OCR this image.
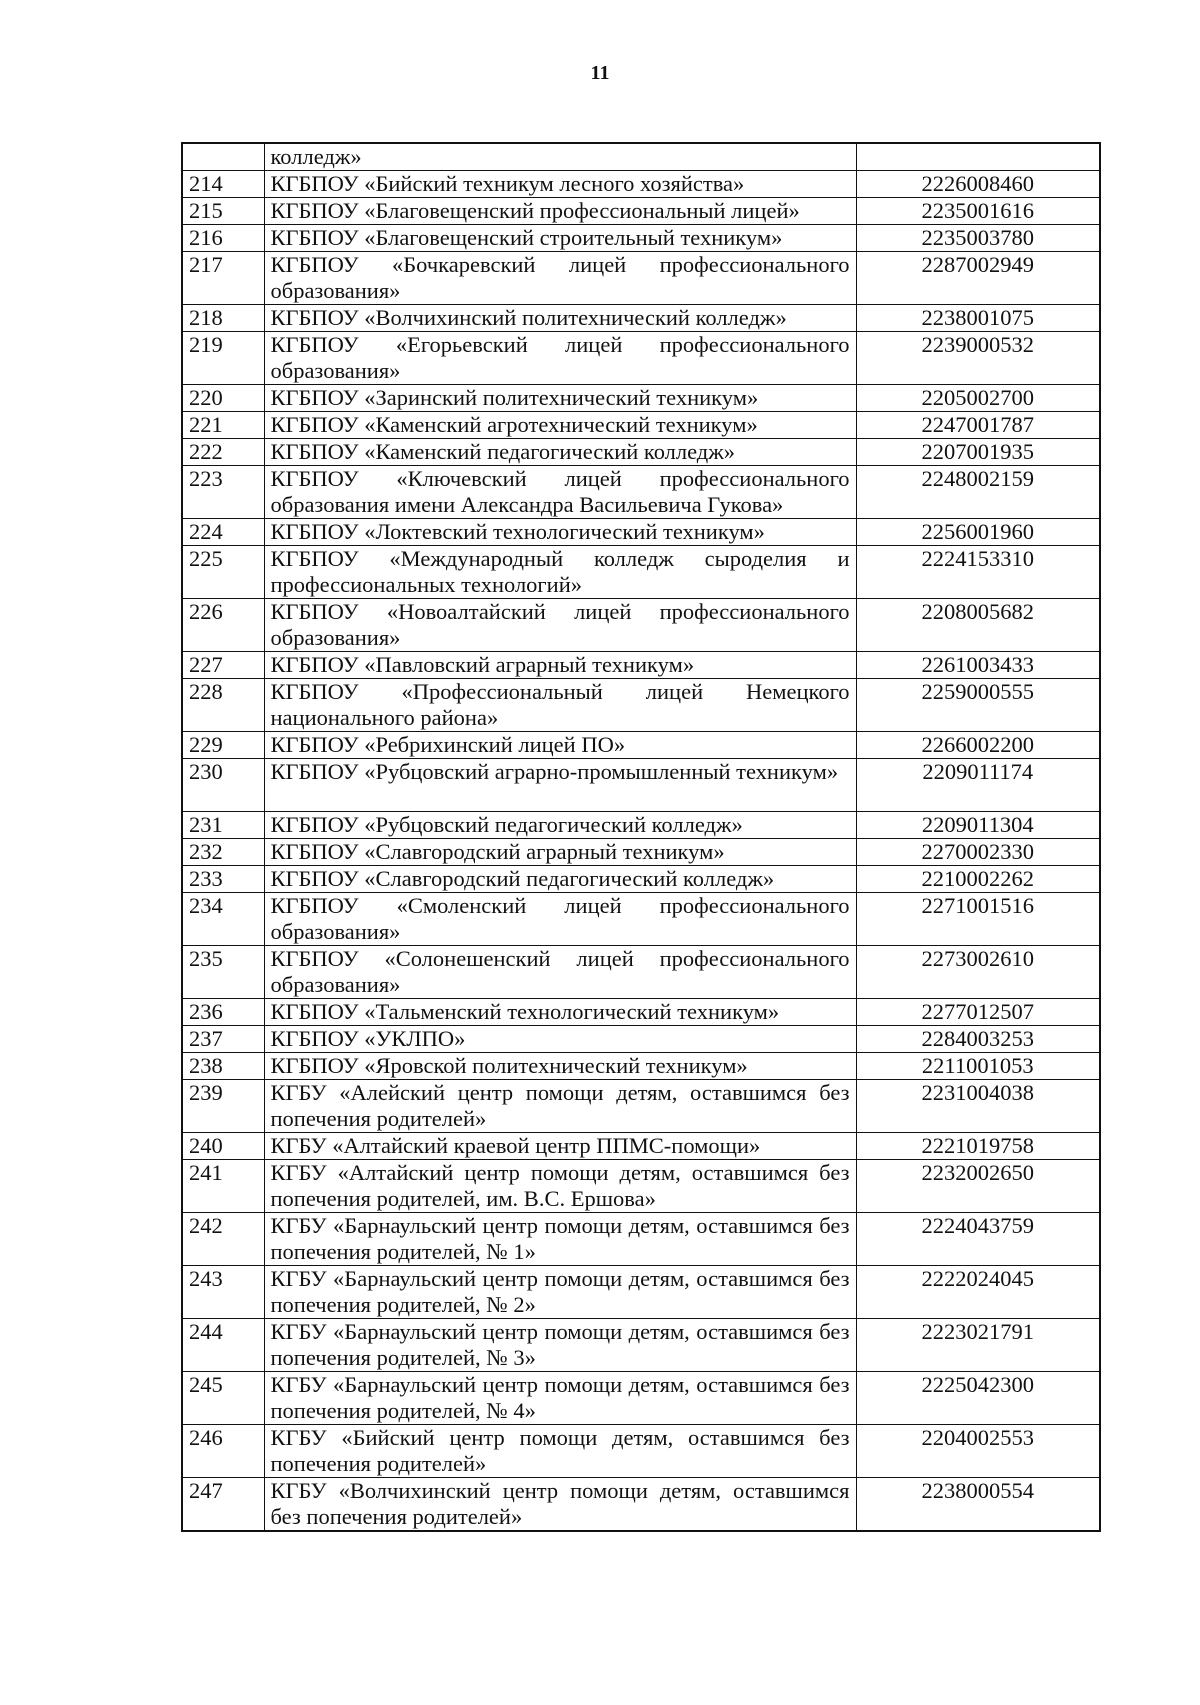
11
	колледж»	
214	КГБПОУ «Бийский техникум лесного хозяйства»	2226008460
215	КГБПОУ «Благовещенский профессиональный лицей»	2235001616
216	КГБПОУ «Благовещенский строительный техникум»	2235003780
217	КГБПОУ «Бочкаревский лицей профессионального образования»	2287002949
218	КГБПОУ «Волчихинский политехнический колледж»	2238001075
219	КГБПОУ «Егорьевский лицей профессионального образования»	2239000532
220	КГБПОУ «Заринский политехнический техникум»	2205002700
221	КГБПОУ «Каменский агротехнический техникум»	2247001787
222	КГБПОУ «Каменский педагогический колледж»	2207001935
223	КГБПОУ «Ключевский лицей профессионального образования имени Александра Васильевича Гукова»	2248002159
224	КГБПОУ «Локтевский технологический техникум»	2256001960
225	КГБПОУ «Международный колледж сыроделия и профессиональных технологий»	2224153310
226	КГБПОУ «Новоалтайский лицей профессионального образования»	2208005682
227	КГБПОУ «Павловский аграрный техникум»	2261003433
228	КГБПОУ «Профессиональный лицей Немецкого национального района»	2259000555
229	КГБПОУ «Ребрихинский лицей ПО»	2266002200
230	КГБПОУ «Рубцовский аграрно-промышленный техникум»	2209011174
231	КГБПОУ «Рубцовский педагогический колледж»	2209011304
232	КГБПОУ «Славгородский аграрный техникум»	2270002330
233	КГБПОУ «Славгородский педагогический колледж»	2210002262
234	КГБПОУ «Смоленский лицей профессионального образования»	2271001516
235	КГБПОУ «Солонешенский лицей профессионального образования»	2273002610
236	КГБПОУ «Тальменский технологический техникум»	2277012507
237	КГБПОУ «УКЛПО»	2284003253
238	КГБПОУ «Яровской политехнический техникум»	2211001053
239	КГБУ «Алейский центр помощи детям, оставшимся без попечения родителей»	2231004038
240	КГБУ «Алтайский краевой центр ППМС-помощи»	2221019758
241	КГБУ «Алтайский центр помощи детям, оставшимся без попечения родителей, им. В.С. Ершова»	2232002650
242	КГБУ «Барнаульский центр помощи детям, оставшимся без попечения родителей, № 1»	2224043759
243	КГБУ «Барнаульский центр помощи детям, оставшимся без попечения родителей, № 2»	2222024045
244	КГБУ «Барнаульский центр помощи детям, оставшимся без попечения родителей, № 3»	2223021791
245	КГБУ «Барнаульский центр помощи детям, оставшимся без попечения родителей, № 4»	2225042300
246	КГБУ «Бийский центр помощи детям, оставшимся без попечения родителей»	2204002553
247	КГБУ «Волчихинский центр помощи детям, оставшимся без попечения родителей»	2238000554
